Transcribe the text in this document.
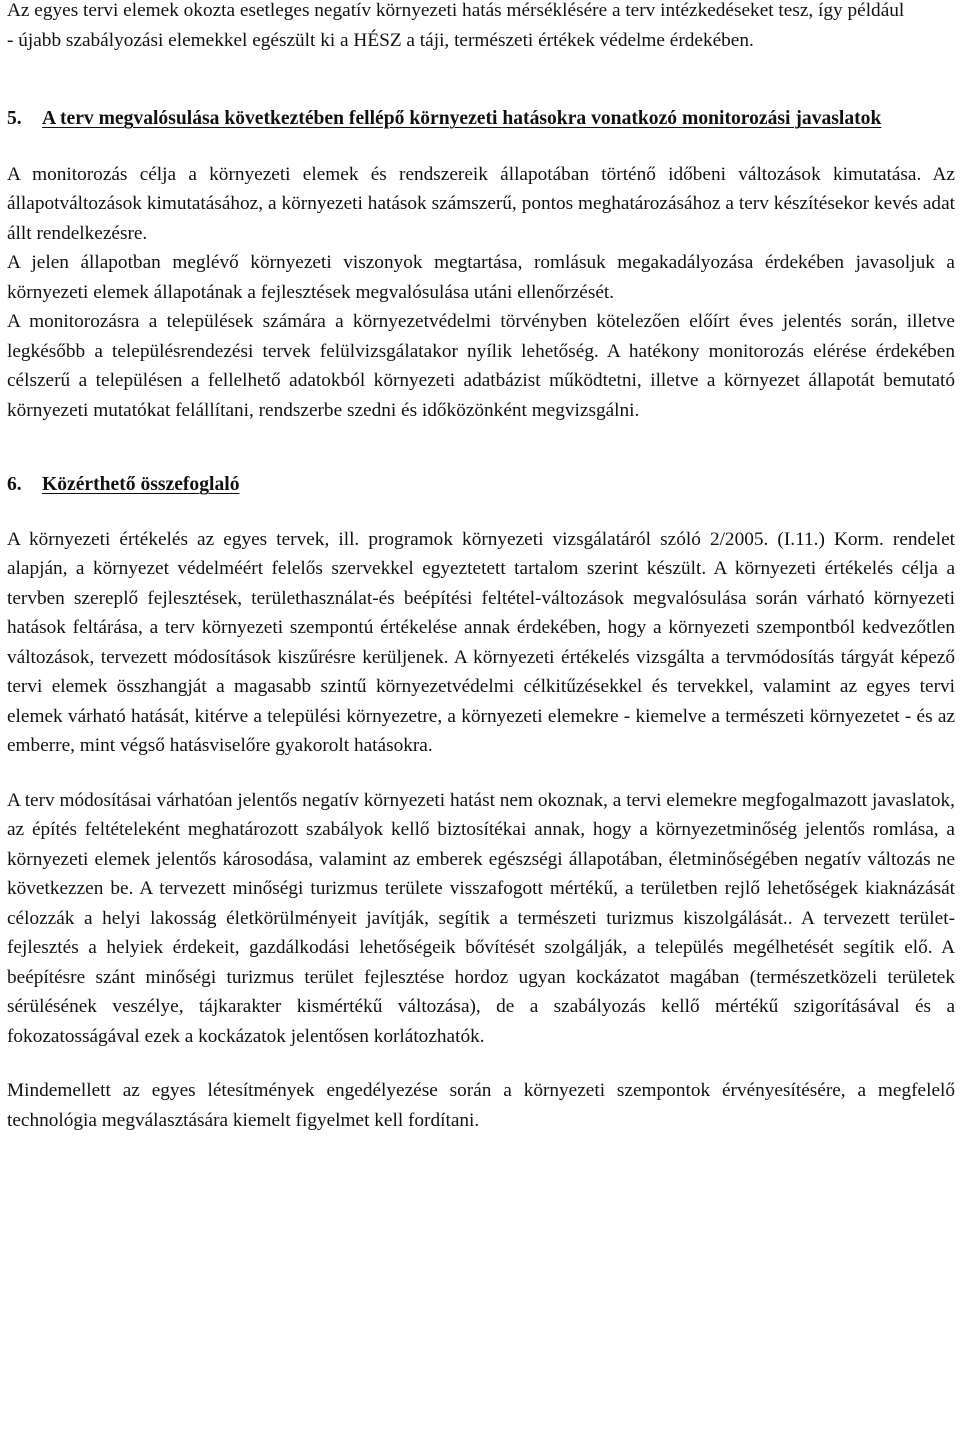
Az egyes tervi elemek okozta esetleges negatív környezeti hatás mérséklésére a terv intézkedéseket tesz, így például

- újabb szabályozási elemekkel egészült ki a HÉSZ a táji, természeti értékek védelme érdekében.

5.	A terv megvalósulása következtében fellépő környezeti hatásokra vonatkozó monitorozási javaslatok

A monitorozás célja a környezeti elemek és rendszereik állapotában történő időbeni változások kimutatása. Az állapotváltozások kimutatásához, a környezeti hatások számszerű, pontos meghatározásához a terv készítésekor kevés adat állt rendelkezésre.

A jelen állapotban meglévő környezeti viszonyok megtartása, romlásuk megakadályozása érdekében javasoljuk a környezeti elemek állapotának a fejlesztések megvalósulása utáni ellenőrzését.

A monitorozásra a települések számára a környezetvédelmi törvényben kötelezően előírt éves jelentés során, illetve legkésőbb a településrendezési tervek felülvizsgálatakor nyílik lehetőség. A hatékony monitorozás elérése érdekében célszerű a településen a fellelhető adatokból környezeti adatbázist működtetni, illetve a környezet állapotát bemutató környezeti mutatókat felállítani, rendszerbe szedni és időközönként megvizsgálni.

6.	Közérthető összefoglaló

A környezeti értékelés az egyes tervek, ill. programok környezeti vizsgálatáról szóló 2/2005. (I.11.) Korm. rendelet alapján, a környezet védelméért felelős szervekkel egyeztetett tartalom szerint készült. A környezeti értékelés célja a tervben szereplő fejlesztések, területhasználat-és beépítési feltétel-változások megvalósulása során várható környezeti hatások feltárása, a terv környezeti szempontú értékelése annak érdekében, hogy a környezeti szempontból kedvezőtlen változások, tervezett módosítások kiszűrésre kerüljenek. A környezeti értékelés vizsgálta a tervmódosítás tárgyát képező tervi elemek összhangját a magasabb szintű környezetvédelmi célkitűzésekkel és tervekkel, valamint az egyes tervi elemek várható hatását, kitérve a települési környezetre, a környezeti elemekre - kiemelve a természeti környezetet - és az emberre, mint végső hatásviselőre gyakorolt hatásokra.

A terv módosításai várhatóan jelentős negatív környezeti hatást nem okoznak, a tervi elemekre megfogalmazott javaslatok, az építés feltételeként meghatározott szabályok kellő biztosítékai annak, hogy a környezetminőség jelentős romlása, a környezeti elemek jelentős károsodása, valamint az emberek egészségi állapotában, életminőségében negatív változás ne következzen be. A tervezett minőségi turizmus területe visszafogott mértékű, a területben rejlő lehetőségek kiaknázását célozzák a helyi lakosság életkörülményeit javítják, segítik a természeti turizmus kiszolgálását.. A tervezett terület-fejlesztés a helyiek érdekeit, gazdálkodási lehetőségeik bővítését szolgálják, a település megélhetését segítik elő. A beépítésre szánt minőségi turizmus terület fejlesztése hordoz ugyan kockázatot magában (természetközeli területek sérülésének veszélye, tájkarakter kismértékű változása), de a szabályozás kellő mértékű szigorításával és a fokozatosságával ezek a kockázatok jelentősen korlátozhatók.

Mindemellett az egyes létesítmények engedélyezése során a környezeti szempontok érvényesítésére, a megfelelő technológia megválasztására kiemelt figyelmet kell fordítani.
